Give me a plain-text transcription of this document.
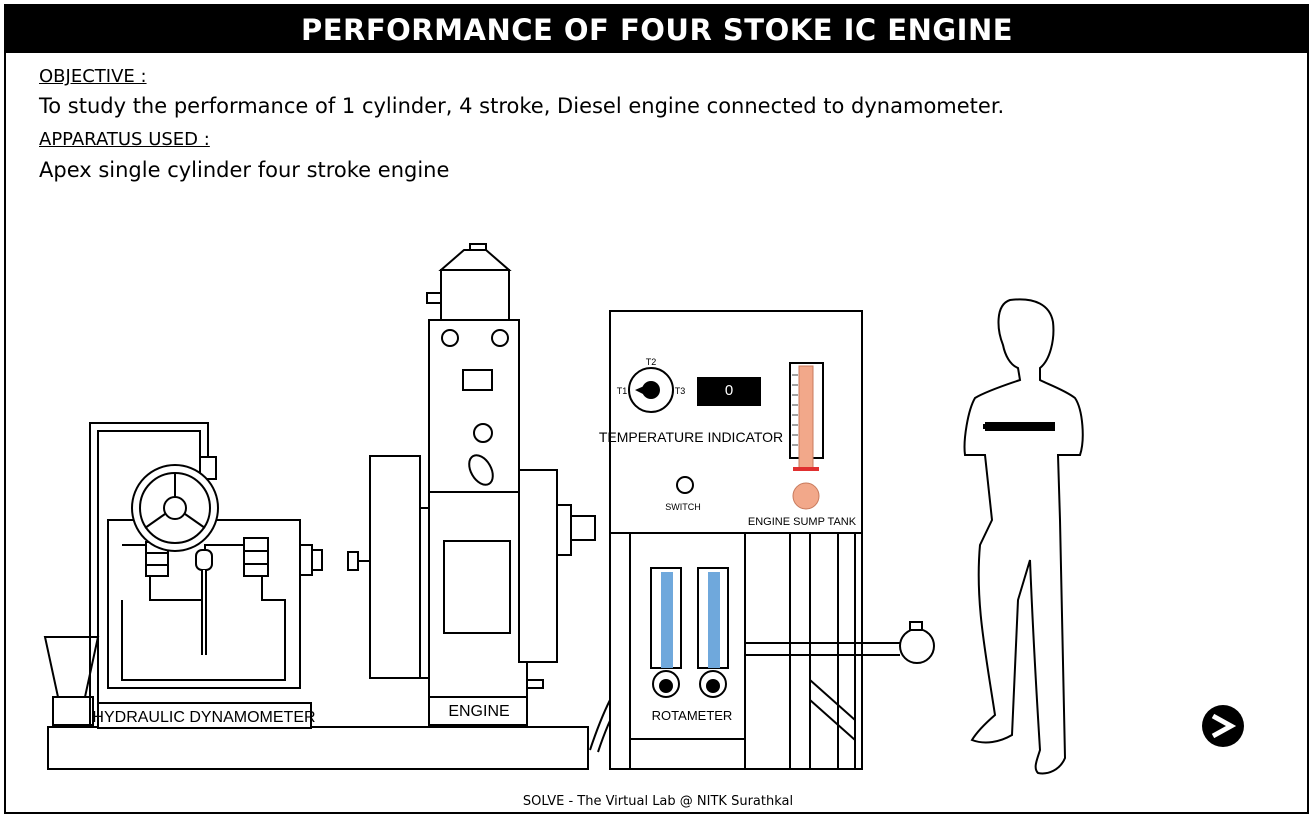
PERFORMANCE OF FOUR STOKE IC ENGINE
OBJECTIVE :
To study the performance of 1 cylinder, 4 stroke, Diesel engine connected to dynamometer.
APPARATUS USED :
Apex single cylinder four stroke engine
HYDRAULIC DYNAMOMETER	ENGINE
T1
T2
T3	0
TEMPERATURE INDICATOR
SWITCH
ENGINE SUMP TANK
ROTAMETER
SOLVE - The Virtual Lab @ NITK Surathkal
